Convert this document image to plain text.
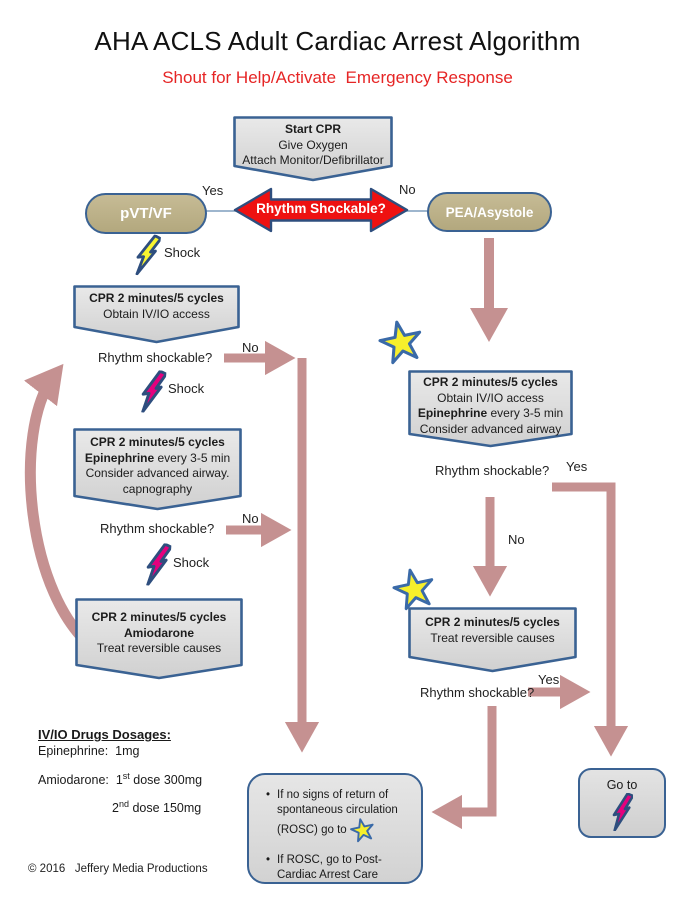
AHA ACLS Adult Cardiac Arrest Algorithm
Shout for Help/Activate  Emergency Response
Start CPR
Give Oxygen
Attach Monitor/Defibrillator
Rhythm Shockable?
Yes	No
pVT/VF	PEA/Asystole
Shock
CPR 2 minutes/5 cycles
Obtain IV/IO access
Rhythm shockable?
No
Shock
CPR 2 minutes/5 cycles
Epinephrine every 3-5 min
Consider advanced airway.
capnography
Rhythm shockable?
No
Shock
CPR 2 minutes/5 cycles
Amiodarone
Treat reversible causes
CPR 2 minutes/5 cycles
Obtain IV/IO access
Epinephrine every 3-5 min
Consider advanced airway
Rhythm shockable? Yes
No
CPR 2 minutes/5 cycles
Treat reversible causes
Rhythm shockable?
Yes
IV/IO Drugs Dosages:
Epinephrine:  1mg
Amiodarone:  1st dose 300mg
2nd dose 150mg
• If no signs of return of spontaneous circulation (ROSC) go to
• If ROSC, go to Post-Cardiac Arrest Care
Go to
© 2016   Jeffery Media Productions
